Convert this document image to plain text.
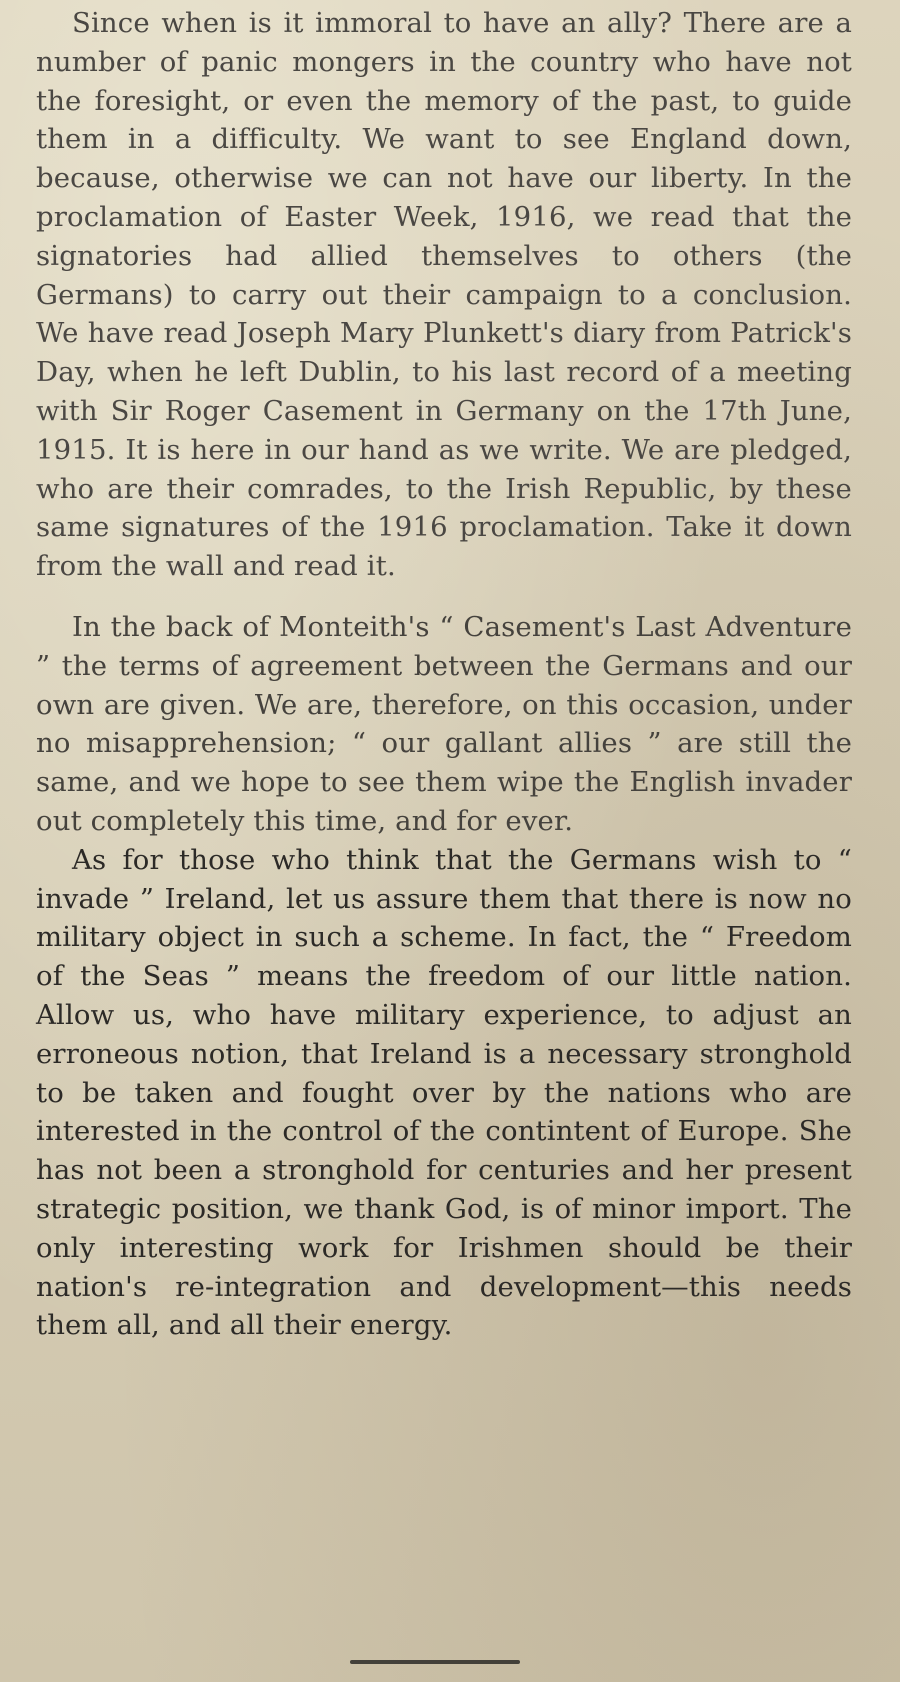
Since when is it immoral to have an ally? There are a number of panic mongers in the country who have not the foresight, or even the memory of the past, to guide them in a difficulty. We want to see England down, because, otherwise we can not have our liberty. In the proclamation of Easter Week, 1916, we read that the signatories had allied themselves to others (the Germans) to carry out their campaign to a conclusion. We have read Joseph Mary Plunkett's diary from Patrick's Day, when he left Dublin, to his last record of a meeting with Sir Roger Casement in Germany on the 17th June, 1915. It is here in our hand as we write. We are pledged, who are their comrades, to the Irish Republic, by these same signatures of the 1916 proclamation. Take it down from the wall and read it.

In the back of Monteith's “ Casement's Last Adventure ” the terms of agreement between the Germans and our own are given. We are, therefore, on this occasion, under no misapprehension; “ our gallant allies ” are still the same, and we hope to see them wipe the English invader out completely this time, and for ever.

As for those who think that the Germans wish to “ invade ” Ireland, let us assure them that there is now no military object in such a scheme. In fact, the “ Freedom of the Seas ” means the freedom of our little nation. Allow us, who have military experience, to adjust an erroneous notion, that Ireland is a necessary stronghold to be taken and fought over by the nations who are interested in the control of the contintent of Europe. She has not been a stronghold for centuries and her present strategic position, we thank God, is of minor import. The only interesting work for Irishmen should be their nation's re-integration and development—this needs them all, and all their energy.
